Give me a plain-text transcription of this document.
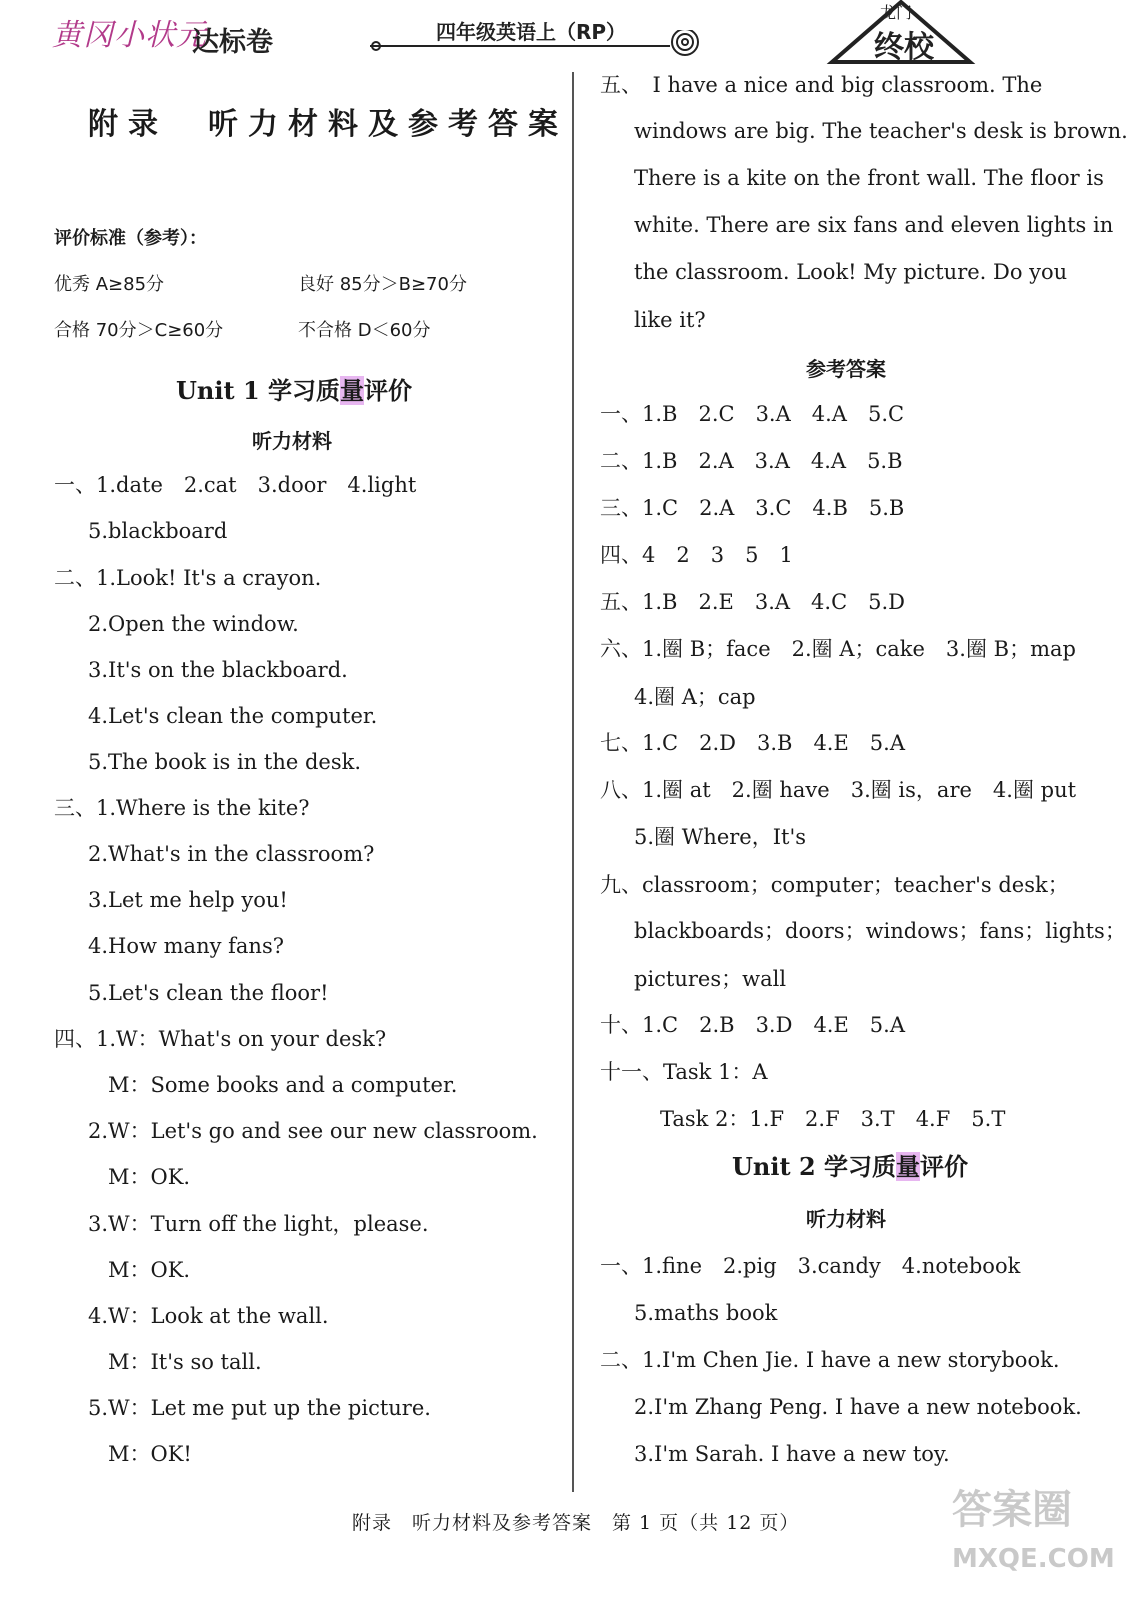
黄冈小状元
达标卷	四年级英语上（RP）
龙门
终校
附录　听力材料及参考答案
评价标准（参考）：
优秀 A≥85分	良好 85分＞B≥70分
合格 70分＞C≥60分	不合格 D＜60分
Unit 1 学习质量评价
听力材料
一、1.date　2.cat　3.door　4.light
5.blackboard
二、1.Look! It's a crayon.
2.Open the window.
3.It's on the blackboard.
4.Let's clean the computer.
5.The book is in the desk.
三、1.Where is the kite?
2.What's in the classroom?
3.Let me help you!
4.How many fans?
5.Let's clean the floor!
四、1.W：What's on your desk?
M：Some books and a computer.
2.W：Let's go and see our new classroom.
M：OK.
3.W：Turn off the light，please.
M：OK.
4.W：Look at the wall.
M：It's so tall.
5.W：Let me put up the picture.
M：OK!
五、　I have a nice and big classroom. The
windows are big. The teacher's desk is brown.
There is a kite on the front wall. The floor is
white. There are six fans and eleven lights in
the classroom. Look! My picture. Do you
like it?
参考答案
一、1.B　2.C　3.A　4.A　5.C
二、1.B　2.A　3.A　4.A　5.B
三、1.C　2.A　3.C　4.B　5.B
四、4　2　3　5　1
五、1.B　2.E　3.A　4.C　5.D
六、1.圈 B；face　2.圈 A；cake　3.圈 B；map
4.圈 A；cap
七、1.C　2.D　3.B　4.E　5.A
八、1.圈 at　2.圈 have　3.圈 is，are　4.圈 put
5.圈 Where，It's
九、classroom；computer；teacher's desk；
blackboards；doors；windows；fans；lights；
pictures；wall
十、1.C　2.B　3.D　4.E　5.A
十一、Task 1：A
Task 2：1.F　2.F　3.T　4.F　5.T
Unit 2 学习质量评价
听力材料
一、1.fine　2.pig　3.candy　4.notebook
5.maths book
二、1.I'm Chen Jie. I have a new storybook.
2.I'm Zhang Peng. I have a new notebook.
3.I'm Sarah. I have a new toy.
附录　听力材料及参考答案　第 1 页（共 12 页）	答案圈
MXQE.COM
